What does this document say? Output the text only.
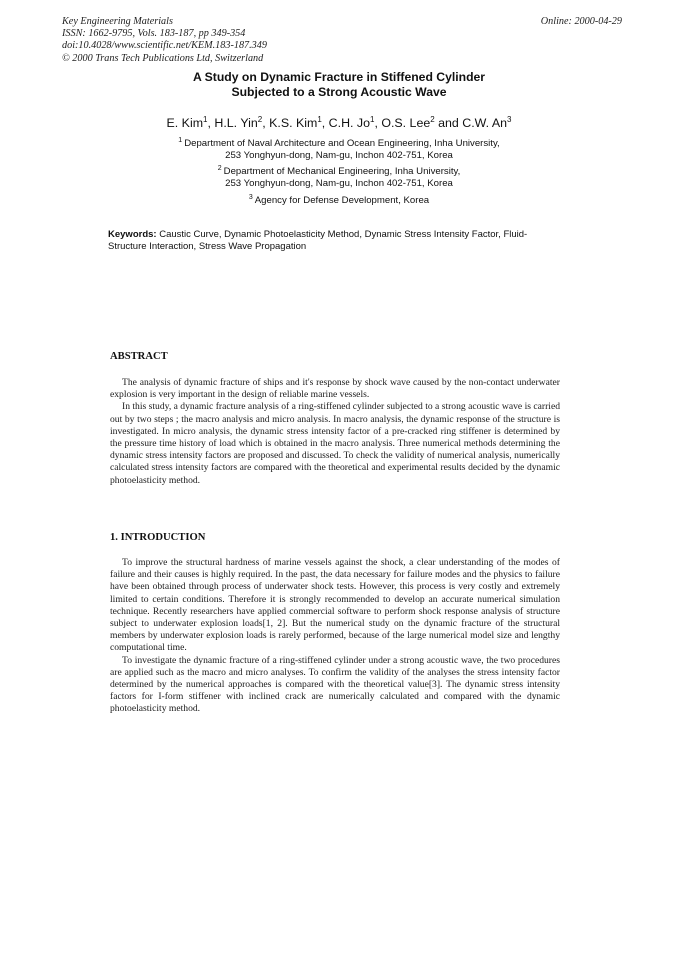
Key Engineering Materials
ISSN: 1662-9795, Vols. 183-187, pp 349-354
doi:10.4028/www.scientific.net/KEM.183-187.349
© 2000 Trans Tech Publications Ltd, Switzerland
Online: 2000-04-29
A Study on Dynamic Fracture in Stiffened Cylinder
Subjected to a Strong Acoustic Wave
E. Kim$^1$, H.L. Yin$^2$, K.S. Kim$^1$, C.H. Jo$^1$, O.S. Lee$^2$ and C.W. An$^3$
$^1$ Department of Naval Architecture and Ocean Engineering, Inha University,
253 Yonghyun-dong, Nam-gu, Inchon 402-751, Korea
$^2$ Department of Mechanical Engineering, Inha University,
253 Yonghyun-dong, Nam-gu, Inchon 402-751, Korea
$^3$ Agency for Defense Development, Korea
Keywords: Caustic Curve, Dynamic Photoelasticity Method, Dynamic Stress Intensity Factor, Fluid-Structure Interaction, Stress Wave Propagation
ABSTRACT

The analysis of dynamic fracture of ships and it's response by shock wave caused by the non-contact underwater explosion is very important in the design of reliable marine vessels.

In this study, a dynamic fracture analysis of a ring-stiffened cylinder subjected to a strong acoustic wave is carried out by two steps ; the macro analysis and micro analysis. In macro analysis, the dynamic response of the structure is investigated. In micro analysis, the dynamic stress intensity factor of a pre-cracked ring stiffener is determined by the pressure time history of load which is obtained in the macro analysis. Three numerical methods determining the dynamic stress intensity factors are proposed and discussed. To check the validity of numerical analysis, numerically calculated stress intensity factors are compared with the theoretical and experimental results decided by the dynamic photoelasticity method.

1. INTRODUCTION

To improve the structural hardness of marine vessels against the shock, a clear understanding of the modes of failure and their causes is highly required. In the past, the data necessary for failure modes and the physics to failure have been obtained through process of underwater shock tests. However, this process is very costly and extremely limited to certain conditions. Therefore it is strongly recommended to develop an accurate numerical simulation technique. Recently researchers have applied commercial software to perform shock response analysis of structure subject to underwater explosion loads[1, 2]. But the numerical study on the dynamic fracture of the structural members by underwater explosion loads is rarely performed, because of the large numerical model size and lengthy computational time.

To investigate the dynamic fracture of a ring-stiffened cylinder under a strong acoustic wave, the two procedures are applied such as the macro and micro analyses. To confirm the validity of the analyses the stress intensity factor determined by the numerical approaches is compared with the theoretical value[3]. The dynamic stress intensity factors for I-form stiffener with inclined crack are numerically calculated and compared with the dynamic photoelasticity method.
